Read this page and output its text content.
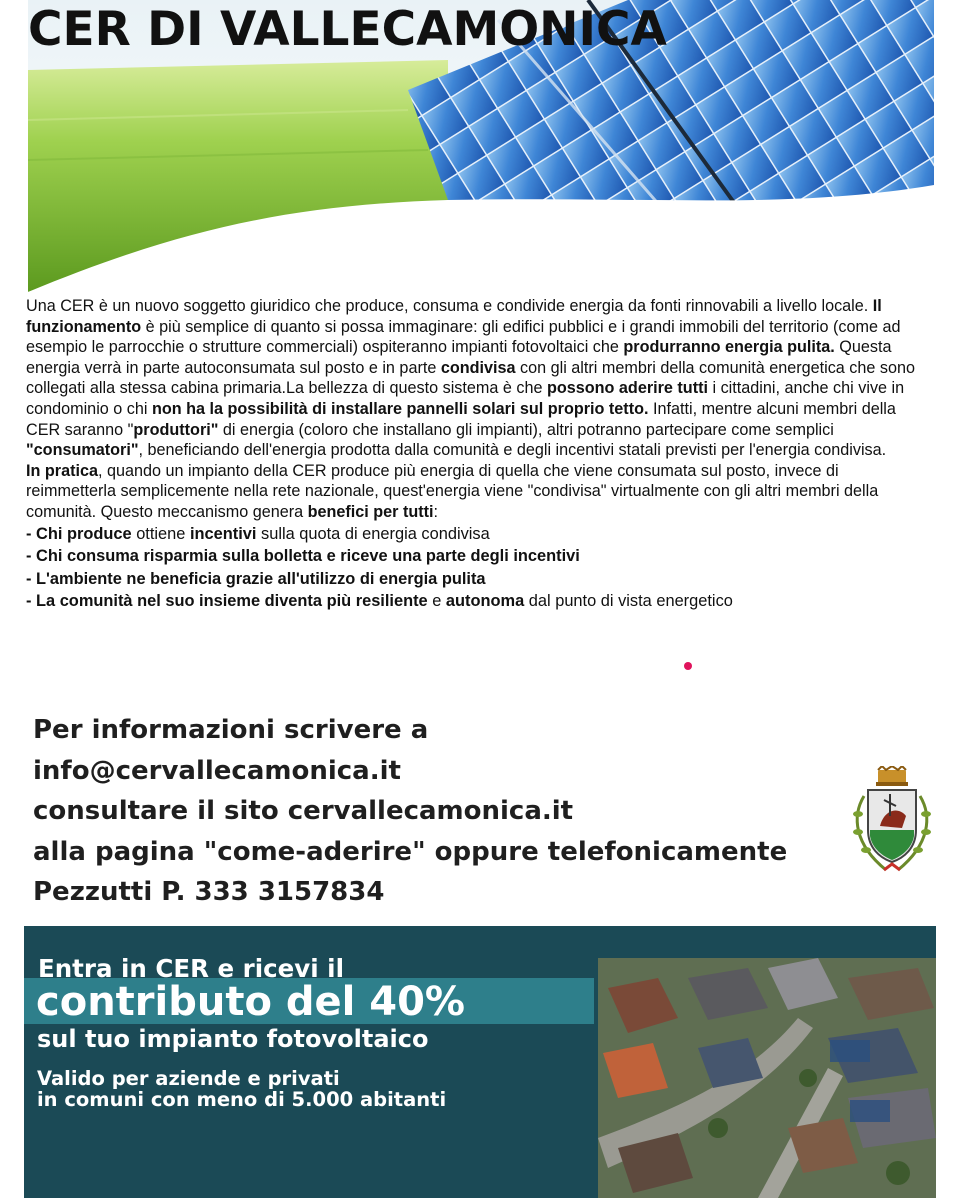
CER DI VALLECAMONICA

Una CER è un nuovo soggetto giuridico che produce, consuma e condivide energia da fonti rinnovabili a livello locale. Il funzionamento è più semplice di quanto si possa immaginare: gli edifici pubblici e i grandi immobili del territorio (come ad esempio le parrocchie o strutture commerciali) ospiteranno impianti fotovoltaici che produrranno energia pulita. Questa energia verrà in parte autoconsumata sul posto e in parte condivisa con gli altri membri della comunità energetica che sono collegati alla stessa cabina primaria.La bellezza di questo sistema è che possono aderire tutti i cittadini, anche chi vive in condominio o chi non ha la possibilità di installare pannelli solari sul proprio tetto. Infatti, mentre alcuni membri della CER saranno "produttori" di energia (coloro che installano gli impianti), altri potranno partecipare come semplici "consumatori", beneficiando dell'energia prodotta dalla comunità e degli incentivi statali previsti per l'energia condivisa.

In pratica, quando un impianto della CER produce più energia di quella che viene consumata sul posto, invece di reimmetterla semplicemente nella rete nazionale, quest'energia viene "condivisa" virtualmente con gli altri membri della comunità. Questo meccanismo genera benefici per tutti:

- Chi produce ottiene incentivi sulla quota di energia condivisa
- Chi consuma risparmia sulla bolletta e riceve una parte degli incentivi
- L'ambiente ne beneficia grazie all'utilizzo di energia pulita
- La comunità nel suo insieme diventa più resiliente e autonoma dal punto di vista energetico
Per informazioni scrivere a
info@cervallecamonica.it
consultare il sito cervallecamonica.it
alla pagina "come-aderire" oppure telefonicamente
Pezzutti P. 333 3157834
Entra in CER e ricevi il
contributo del 40%
sul tuo impianto fotovoltaico
Valido per aziende e privati
in comuni con meno di 5.000 abitanti
